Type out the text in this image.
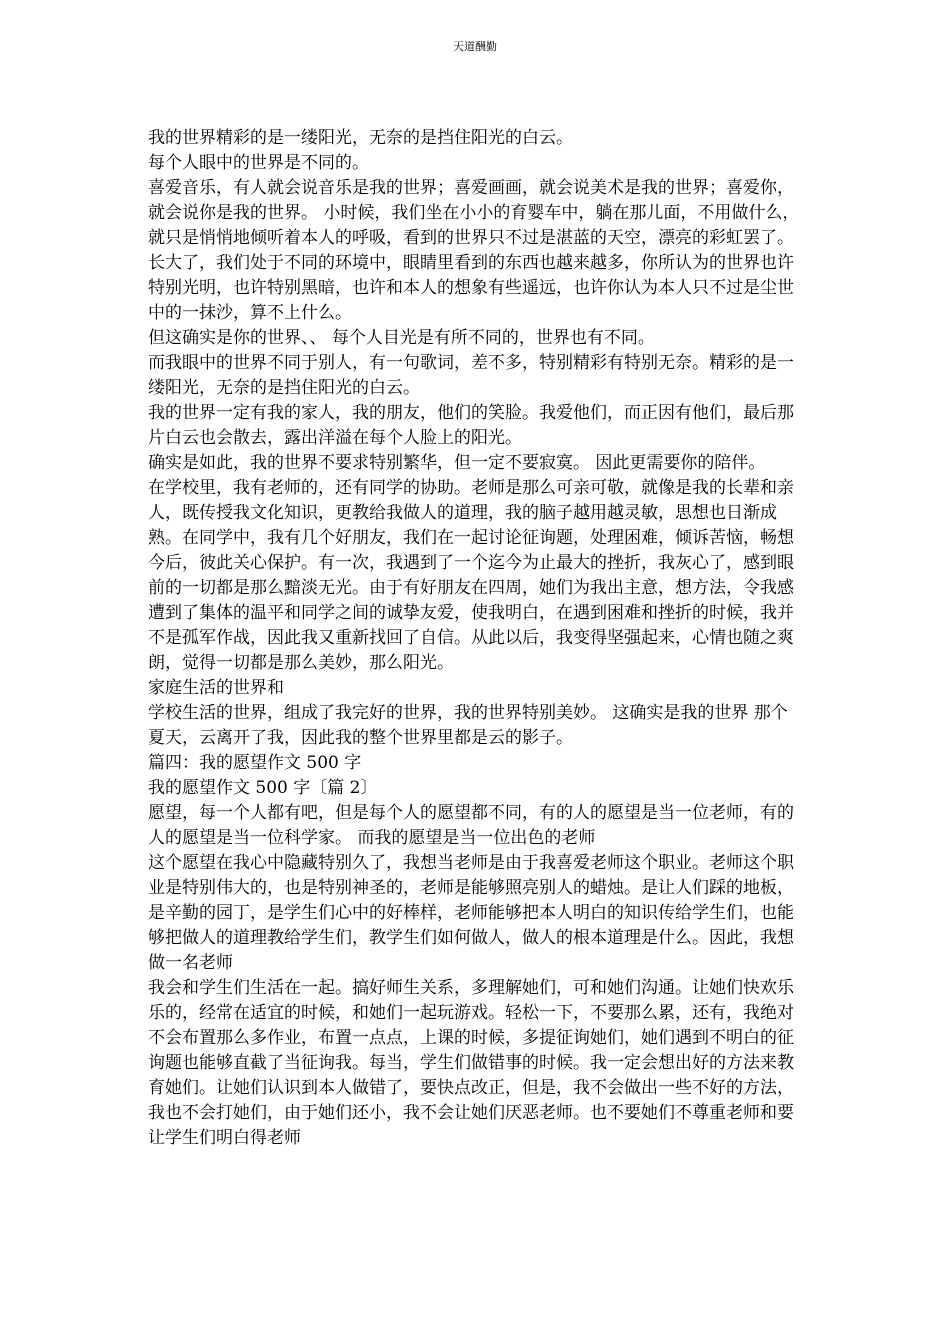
天道酬勤

我的世界精彩的是一缕阳光，无奈的是挡住阳光的白云。

每个人眼中的世界是不同的。

喜爱音乐，有人就会说音乐是我的世界；喜爱画画，就会说美术是我的世界；喜爱你，就会说你是我的世界。 小时候，我们坐在小小的育婴车中，躺在那儿面，不用做什么，就只是悄悄地倾听着本人的呼吸，看到的世界只不过是湛蓝的天空，漂亮的彩虹罢了。

长大了，我们处于不同的环境中，眼睛里看到的东西也越来越多，你所认为的世界也许特别光明，也许特别黑暗，也许和本人的想象有些遥远，也许你认为本人只不过是尘世中的一抹沙，算不上什么。

但这确实是你的世界、、 每个人目光是有所不同的，世界也有不同。

而我眼中的世界不同于别人，有一句歌词，差不多，特别精彩有特别无奈。精彩的是一缕阳光，无奈的是挡住阳光的白云。

我的世界一定有我的家人，我的朋友，他们的笑脸。我爱他们，而正因有他们，最后那片白云也会散去，露出洋溢在每个人脸上的阳光。

确实是如此，我的世界不要求特别繁华，但一定不要寂寞。 因此更需要你的陪伴。

在学校里，我有老师的，还有同学的协助。老师是那么可亲可敬，就像是我的长辈和亲人，既传授我文化知识，更教给我做人的道理，我的脑子越用越灵敏，思想也日渐成熟。在同学中，我有几个好朋友，我们在一起讨论征询题，处理困难，倾诉苦恼，畅想今后，彼此关心保护。有一次，我遇到了一个迄今为止最大的挫折，我灰心了，感到眼前的一切都是那么黯淡无光。由于有好朋友在四周，她们为我出主意，想方法，令我感遭到了集体的温平和同学之间的诚挚友爱，使我明白，在遇到困难和挫折的时候，我并不是孤军作战，因此我又重新找回了自信。从此以后，我变得坚强起来，心情也随之爽朗，觉得一切都是那么美妙，那么阳光。

家庭生活的世界和

学校生活的世界，组成了我完好的世界，我的世界特别美妙。 这确实是我的世界 那个夏天，云离开了我，因此我的整个世界里都是云的影子。

篇四：我的愿望作文 500 字

我的愿望作文 500 字〔篇 2〕

愿望，每一个人都有吧，但是每个人的愿望都不同，有的人的愿望是当一位老师，有的人的愿望是当一位科学家。 而我的愿望是当一位出色的老师

这个愿望在我心中隐藏特别久了，我想当老师是由于我喜爱老师这个职业。老师这个职业是特别伟大的，也是特别神圣的，老师是能够照亮别人的蜡烛。是让人们踩的地板，是辛勤的园丁，是学生们心中的好棒样，老师能够把本人明白的知识传给学生们，也能够把做人的道理教给学生们，教学生们如何做人，做人的根本道理是什么。因此，我想做一名老师

我会和学生们生活在一起。搞好师生关系，多理解她们，可和她们沟通。让她们快欢乐乐的，经常在适宜的时候，和她们一起玩游戏。轻松一下，不要那么累，还有，我绝对不会布置那么多作业，布置一点点，上课的时候，多提征询她们，她们遇到不明白的征询题也能够直截了当征询我。每当，学生们做错事的时候。我一定会想出好的方法来教育她们。让她们认识到本人做错了，要快点改正，但是，我不会做出一些不好的方法，我也不会打她们，由于她们还小，我不会让她们厌恶老师。也不要她们不尊重老师和要让学生们明白得老师
